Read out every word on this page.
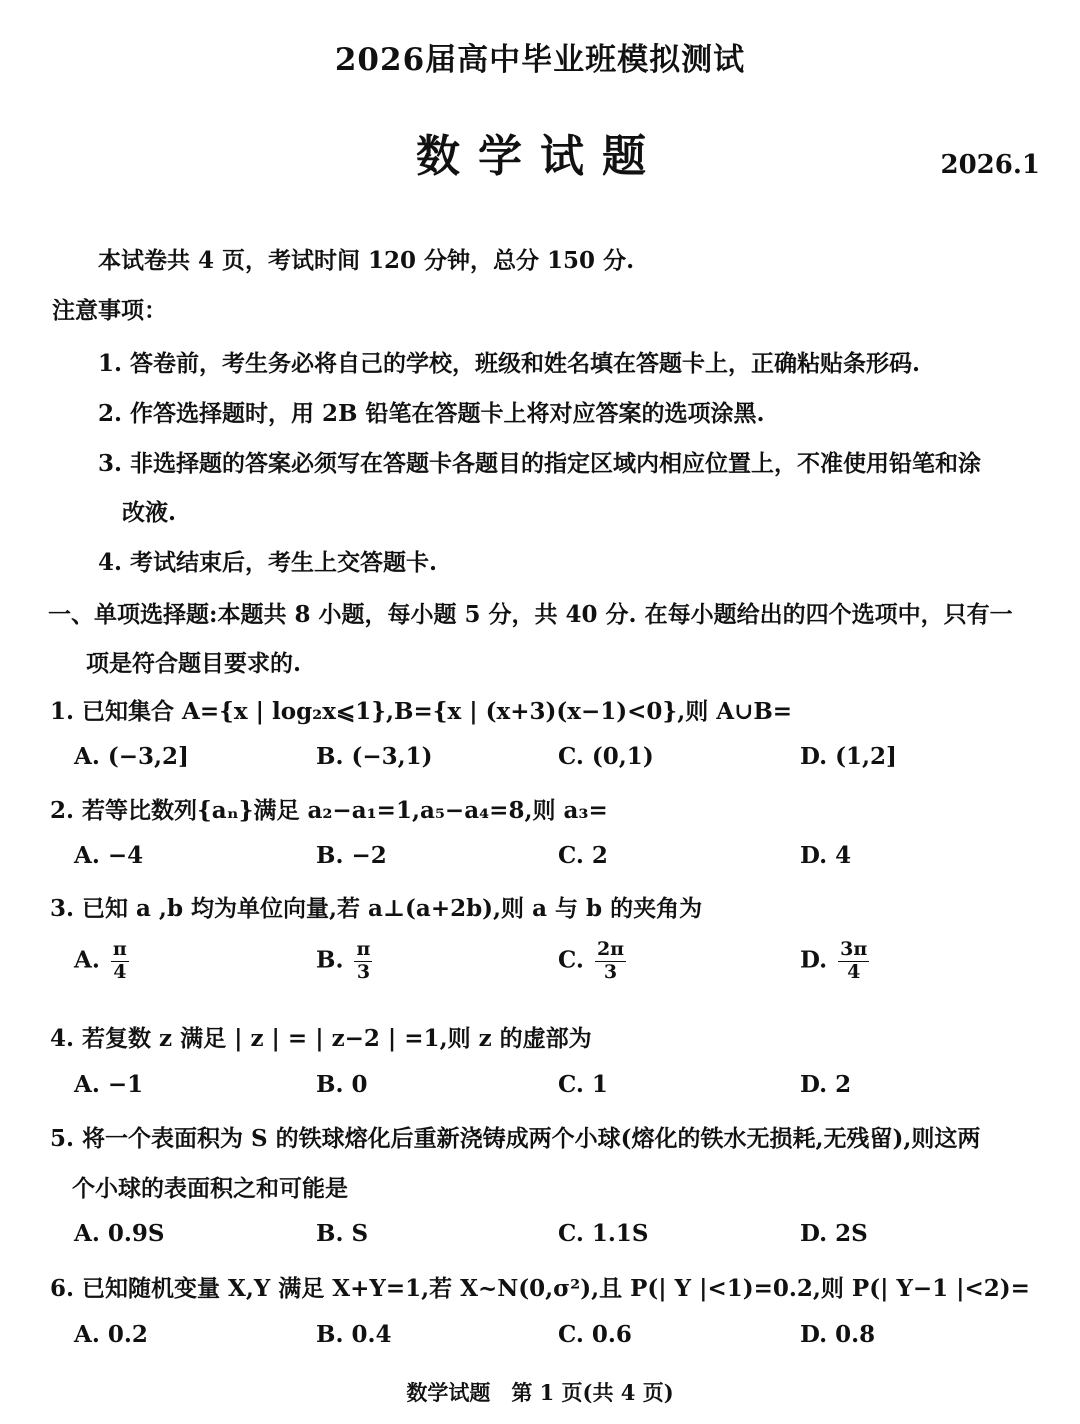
2026届高中毕业班模拟测试
数学试题	2026.1
本试卷共 4 页，考试时间 120 分钟，总分 150 分.
注意事项：
1. 答卷前，考生务必将自己的学校，班级和姓名填在答题卡上，正确粘贴条形码.
2. 作答选择题时，用 2B 铅笔在答题卡上将对应答案的选项涂黑.
3. 非选择题的答案必须写在答题卡各题目的指定区域内相应位置上，不准使用铅笔和涂
改液.
4. 考试结束后，考生上交答题卡.
一、单项选择题:本题共 8 小题，每小题 5 分，共 40 分. 在每小题给出的四个选项中，只有一
项是符合题目要求的.
1. 已知集合 A={x | log₂x⩽1},B={x | (x+3)(x−1)<0},则 A∪B=
A. (−3,2]	B. (−3,1)	C. (0,1)	D. (1,2]
2. 若等比数列{aₙ}满足 a₂−a₁=1,a₅−a₄=8,则 a₃=
A. −4	B. −2	C. 2	D. 4
3. 已知 a ,b 均为单位向量,若 a⊥(a+2b),则 a 与 b 的夹角为
A. $\frac{\pi}{4}$	B. $\frac{\pi}{3}$	C. $\frac{2\pi}{3}$	D. $\frac{3\pi}{4}$
4. 若复数 z 满足 | z | = | z−2 | =1,则 z 的虚部为
A. −1	B. 0	C. 1	D. 2
5. 将一个表面积为 S 的铁球熔化后重新浇铸成两个小球(熔化的铁水无损耗,无残留),则这两
个小球的表面积之和可能是
A. 0.9S	B. S	C. 1.1S	D. 2S
6. 已知随机变量 X,Y 满足 X+Y=1,若 X~N(0,σ²),且 P(| Y |<1)=0.2,则 P(| Y−1 |<2)=
A. 0.2	B. 0.4	C. 0.6	D. 0.8
数学试题　第 1 页(共 4 页)
